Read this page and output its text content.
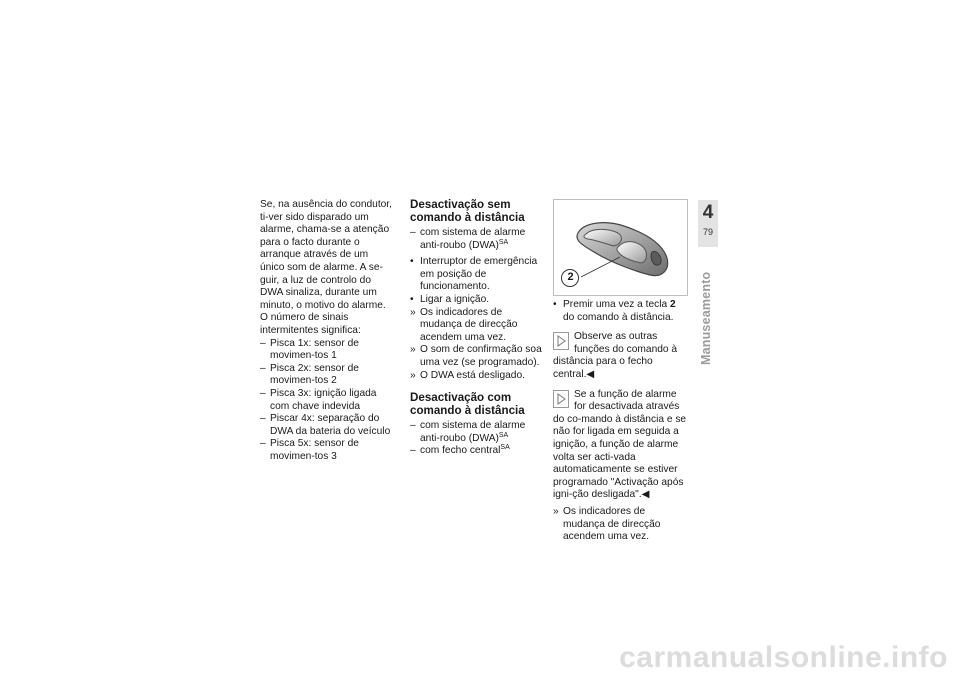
Se, na ausência do condutor, ti-ver sido disparado um alarme, chama-se a atenção para o facto durante o arranque através de um único som de alarme. A se-guir, a luz de controlo do DWA sinaliza, durante um minuto, o motivo do alarme.

O número de sinais intermitentes significa:

– Pisca 1x: sensor de movimen-tos 1

– Pisca 2x: sensor de movimen-tos 2

– Pisca 3x: ignição ligada com chave indevida

– Piscar 4x: separação do DWA da bateria do veículo

– Pisca 5x: sensor de movimen-tos 3

Desactivação sem comando à distância

– com sistema de alarme anti-roubo (DWA)$^{SA}$

• Interruptor de emergência em posição de funcionamento.

• Ligar a ignição.

» Os indicadores de mudança de direcção acendem uma vez.

» O som de confirmação soa uma vez (se programado).

» O DWA está desligado.

Desactivação com comando à distância

– com sistema de alarme anti-roubo (DWA)$^{SA}$

– com fecho central$^{SA}$

2

• Premir uma vez a tecla 2 do comando à distância.

Observe as outras funções do comando à distância para o fecho central.◀
Se a função de alarme for desactivada através do co-mando à distância e se não for ligada em seguida a ignição, a função de alarme volta ser acti-vada automaticamente se estiver programado "Activação após igni-ção desligada".◀

» Os indicadores de mudança de direcção acendem uma vez.

4
79
Manuseamento
carmanualsonline.info
